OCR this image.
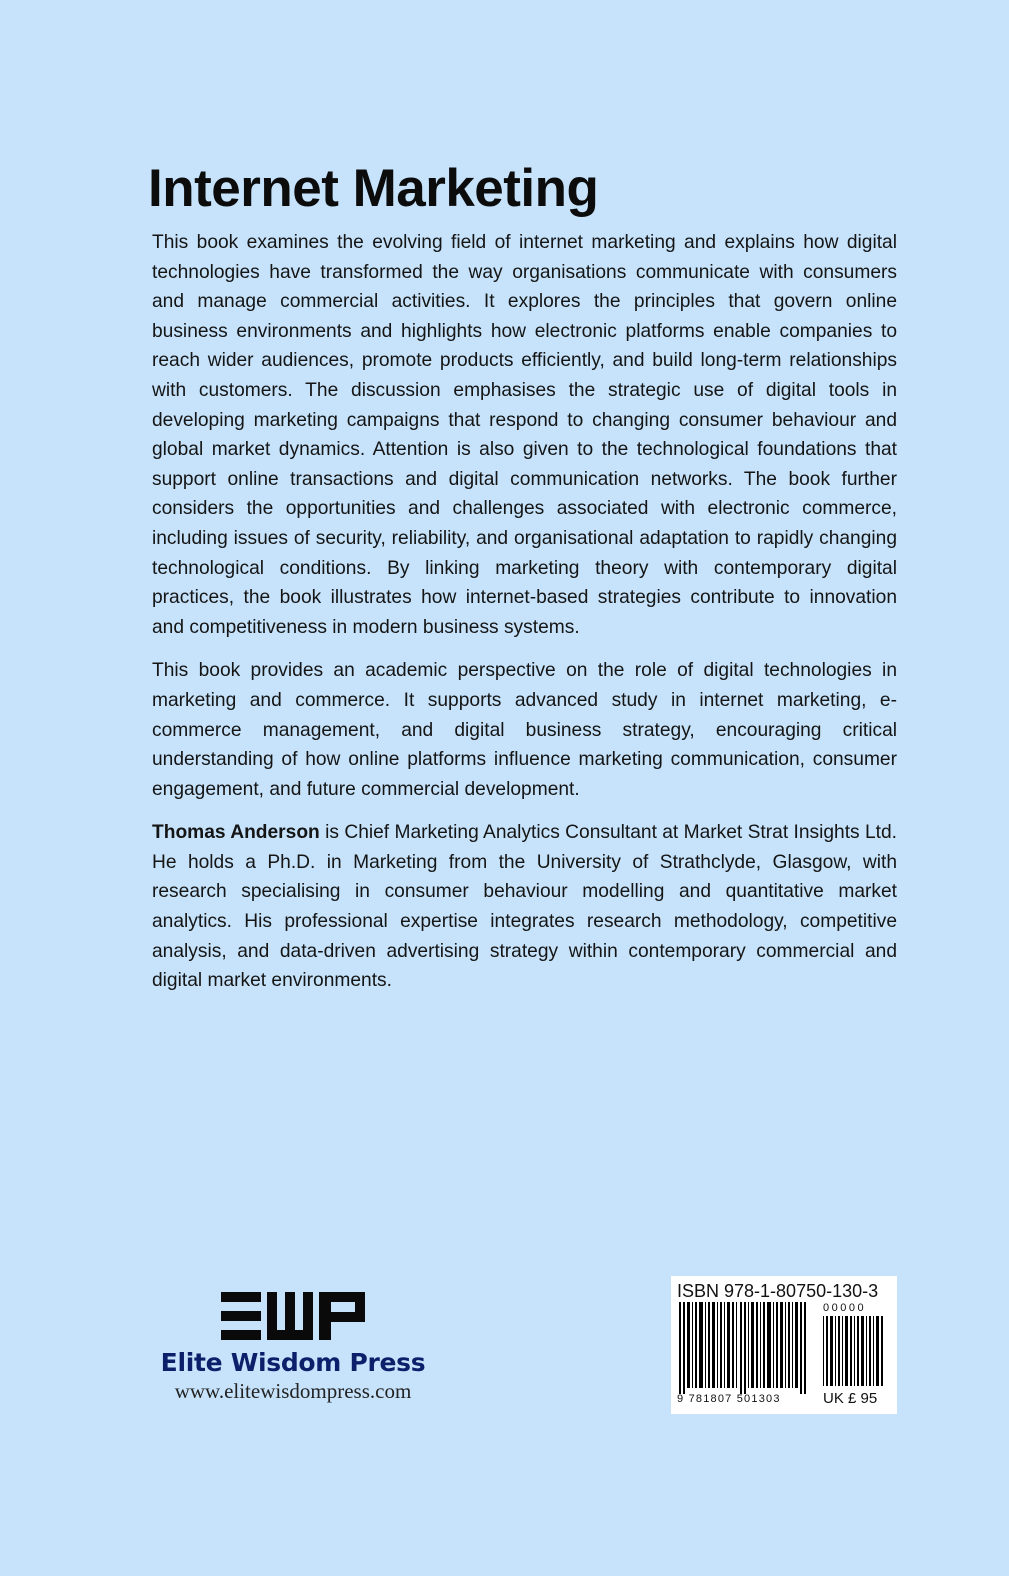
Internet Marketing

This book examines the evolving field of internet marketing and explains how digital technologies have transformed the way organisations communicate with consumers and manage commercial activities. It explores the principles that govern online business environments and highlights how electronic platforms enable companies to reach wider audiences, promote products efficiently, and build long-term relationships with customers. The discussion emphasises the strategic use of digital tools in developing marketing campaigns that respond to changing consumer behaviour and global market dynamics. Attention is also given to the technological foundations that support online transactions and digital communication networks. The book further considers the opportunities and challenges associated with electronic commerce, including issues of security, reliability, and organisational adaptation to rapidly changing technological conditions. By linking marketing theory with contemporary digital practices, the book illustrates how internet-based strategies contribute to innovation and competitiveness in modern business systems.

This book provides an academic perspective on the role of digital technologies in marketing and commerce. It supports advanced study in internet marketing, e-commerce management, and digital business strategy, encouraging critical understanding of how online platforms influence marketing communication, consumer engagement, and future commercial development.

Thomas Anderson is Chief Marketing Analytics Consultant at Market Strat Insights Ltd. He holds a Ph.D. in Marketing from the University of Strathclyde, Glasgow, with research specialising in consumer behaviour modelling and quantitative market analytics. His professional expertise integrates research methodology, competitive analysis, and data-driven advertising strategy within contemporary commercial and digital market environments.

Elite Wisdom Press
www.elitewisdompress.com
ISBN 978-1-80750-130-3
00000
9 781807 501303	UK £ 95
